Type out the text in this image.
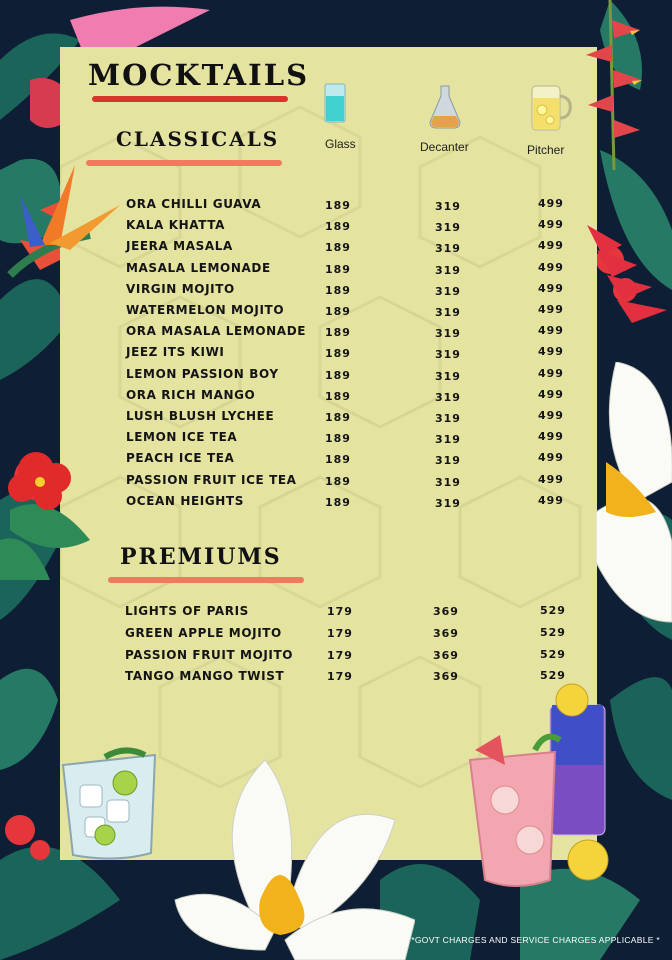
MOCKTAILS
Glass	Decanter	Pitcher
CLASSICALS
ORA CHILLI GUAVA	189	319	499
KALA KHATTA	189	319	499
JEERA MASALA	189	319	499
MASALA LEMONADE	189	319	499
VIRGIN MOJITO	189	319	499
WATERMELON MOJITO	189	319	499
ORA MASALA LEMONADE 189	319	499
JEEZ ITS KIWI	189	319	499
LEMON PASSION BOY	189	319	499
ORA RICH MANGO	189	319	499
LUSH BLUSH LYCHEE	189	319	499
LEMON ICE TEA	189	319	499
PEACH ICE TEA	189	319	499
PASSION FRUIT ICE TEA	189	319	499
OCEAN HEIGHTS	189	319	499
PREMIUMS
LIGHTS OF PARIS	179	369	529
GREEN APPLE MOJITO	179	369	529
PASSION FRUIT MOJITO	179	369	529
TANGO MANGO TWIST	179	369	529
*GOVT CHARGES AND SERVICE CHARGES APPLICABLE *
